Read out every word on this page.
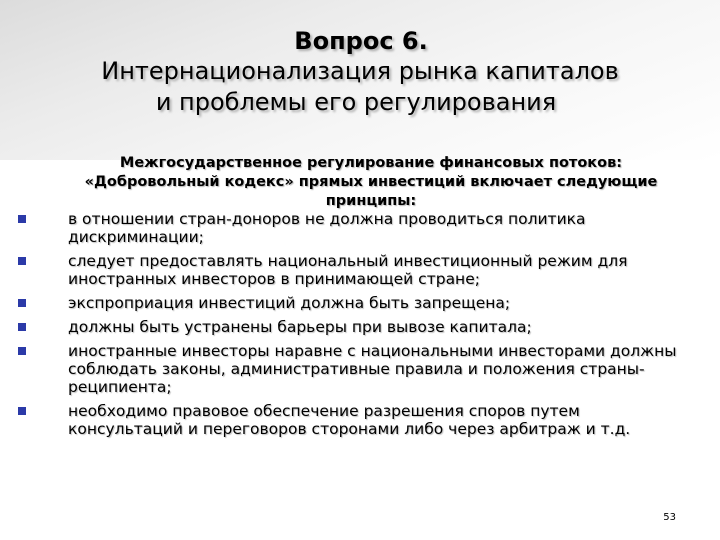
Вопрос 6.
Интернационализация рынка капиталов
и проблемы его регулирования
Межгосударственное регулирование финансовых потоков: «Добровольный кодекс» прямых инвестиций включает следующие принципы:
в отношении стран-доноров не должна проводиться политика дискриминации;
следует предоставлять национальный инвестиционный режим для иностранных инвесторов в принимающей стране;
экспроприация инвестиций должна быть запрещена;
должны быть устранены барьеры при вывозе капитала;
иностранные инвесторы наравне с национальными инвесторами должны соблюдать законы, административные правила и положения страны-реципиента;
необходимо правовое обеспечение разрешения споров путем консультаций и переговоров сторонами либо через арбитраж и т.д.
53
